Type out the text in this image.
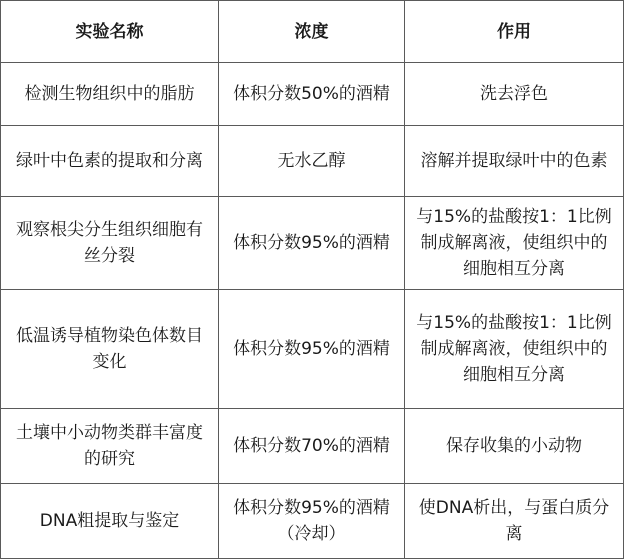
实验名称	浓度	作用
检测生物组织中的脂肪	体积分数50%的酒精	洗去浮色
绿叶中色素的提取和分离	无水乙醇	溶解并提取绿叶中的色素
观察根尖分生组织细胞有丝分裂	体积分数95%的酒精	与15%的盐酸按1：1比例制成解离液，使组织中的细胞相互分离
低温诱导植物染色体数目变化	体积分数95%的酒精	与15%的盐酸按1：1比例制成解离液，使组织中的细胞相互分离
土壤中小动物类群丰富度的研究	体积分数70%的酒精	保存收集的小动物
DNA粗提取与鉴定	体积分数95%的酒精（冷却）	使DNA析出，与蛋白质分离
